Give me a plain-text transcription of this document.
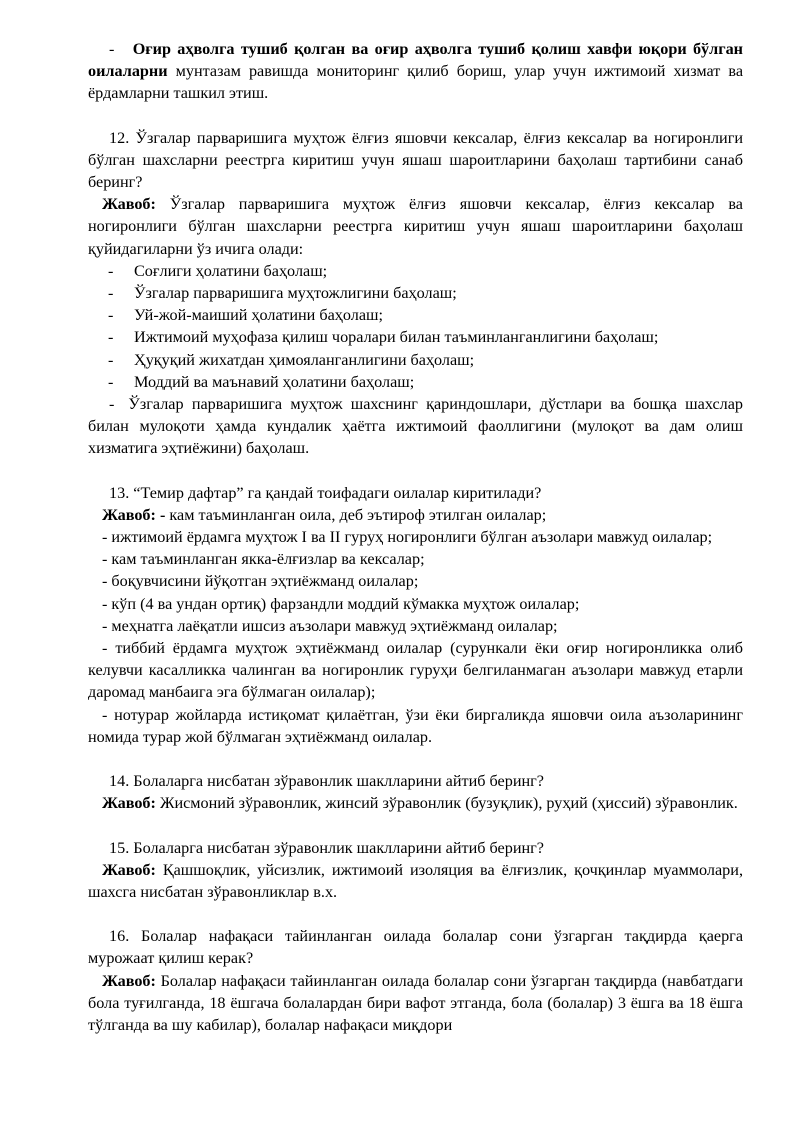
- Оғир аҳволга тушиб қолган ва оғир аҳволга тушиб қолиш хавфи юқори бўлган оилаларни мунтазам равишда мониторинг қилиб бориш, улар учун ижтимоий хизмат ва ёрдамларни ташкил этиш.

12. Ўзгалар парваришига муҳтож ёлғиз яшовчи кексалар, ёлғиз кексалар ва ногиронлиги бўлган шахсларни реестрга киритиш учун яшаш шароитларини баҳолаш тартибини санаб беринг?

Жавоб: Ўзгалар парваришига муҳтож ёлғиз яшовчи кексалар, ёлғиз кексалар ва ногиронлиги бўлган шахсларни реестрга киритиш учун яшаш шароитларини баҳолаш қуйидагиларни ўз ичига олади:

- Соғлиги ҳолатини баҳолаш;

- Ўзгалар парваришига муҳтожлигини баҳолаш;

- Уй-жой-маиший ҳолатини баҳолаш;

- Ижтимоий муҳофаза қилиш чоралари билан таъминланганлигини баҳолаш;

- Ҳуқуқий жихатдан ҳимояланганлигини баҳолаш;

- Моддий ва маънавий ҳолатини баҳолаш;

- Ўзгалар парваришига муҳтож шахснинг қариндошлари, дўстлари ва бошқа шахслар билан мулоқоти ҳамда кундалик ҳаётга ижтимоий фаоллигини (мулоқот ва дам олиш хизматига эҳтиёжини) баҳолаш.

13. “Темир дафтар” га қандай тоифадаги оилалар киритилади?

Жавоб: - кам таъминланган оила, деб эътироф этилган оилалар;

- ижтимоий ёрдамга муҳтож I ва II гуруҳ ногиронлиги бўлган аъзолари мавжуд оилалар;

- кам таъминланган якка-ёлғизлар ва кексалар;

- боқувчисини йўқотган эҳтиёжманд оилалар;

- кўп (4 ва ундан ортиқ) фарзандли моддий кўмакка муҳтож оилалар;

- меҳнатга лаёқатли ишсиз аъзолари мавжуд эҳтиёжманд оилалар;

- тиббий ёрдамга муҳтож эҳтиёжманд оилалар (сурункали ёки оғир ногиронликка олиб келувчи касалликка чалинган ва ногиронлик гуруҳи белгиланмаган аъзолари мавжуд етарли даромад манбаига эга бўлмаган оилалар);

- нотурар жойларда истиқомат қилаётган, ўзи ёки биргаликда яшовчи оила аъзоларининг номида турар жой бўлмаган эҳтиёжманд оилалар.

14. Болаларга нисбатан зўравонлик шаклларини айтиб беринг?

Жавоб: Жисмоний зўравонлик, жинсий зўравонлик (бузуқлик), руҳий (ҳиссий) зўравонлик.

15. Болаларга нисбатан зўравонлик шаклларини айтиб беринг?

Жавоб: Қашшоқлик, уйсизлик, ижтимоий изоляция ва ёлғизлик, қочқинлар муаммолари, шахсга нисбатан зўравонликлар в.х.

16. Болалар нафақаси тайинланган оилада болалар сони ўзгарган тақдирда қаерга мурожаат қилиш керак?

Жавоб: Болалар нафақаси тайинланган оилада болалар сони ўзгарган тақдирда (навбатдаги бола туғилганда, 18 ёшгача болалардан бири вафот этганда, бола (болалар) 3 ёшга ва 18 ёшга тўлганда ва шу кабилар), болалар нафақаси миқдори
